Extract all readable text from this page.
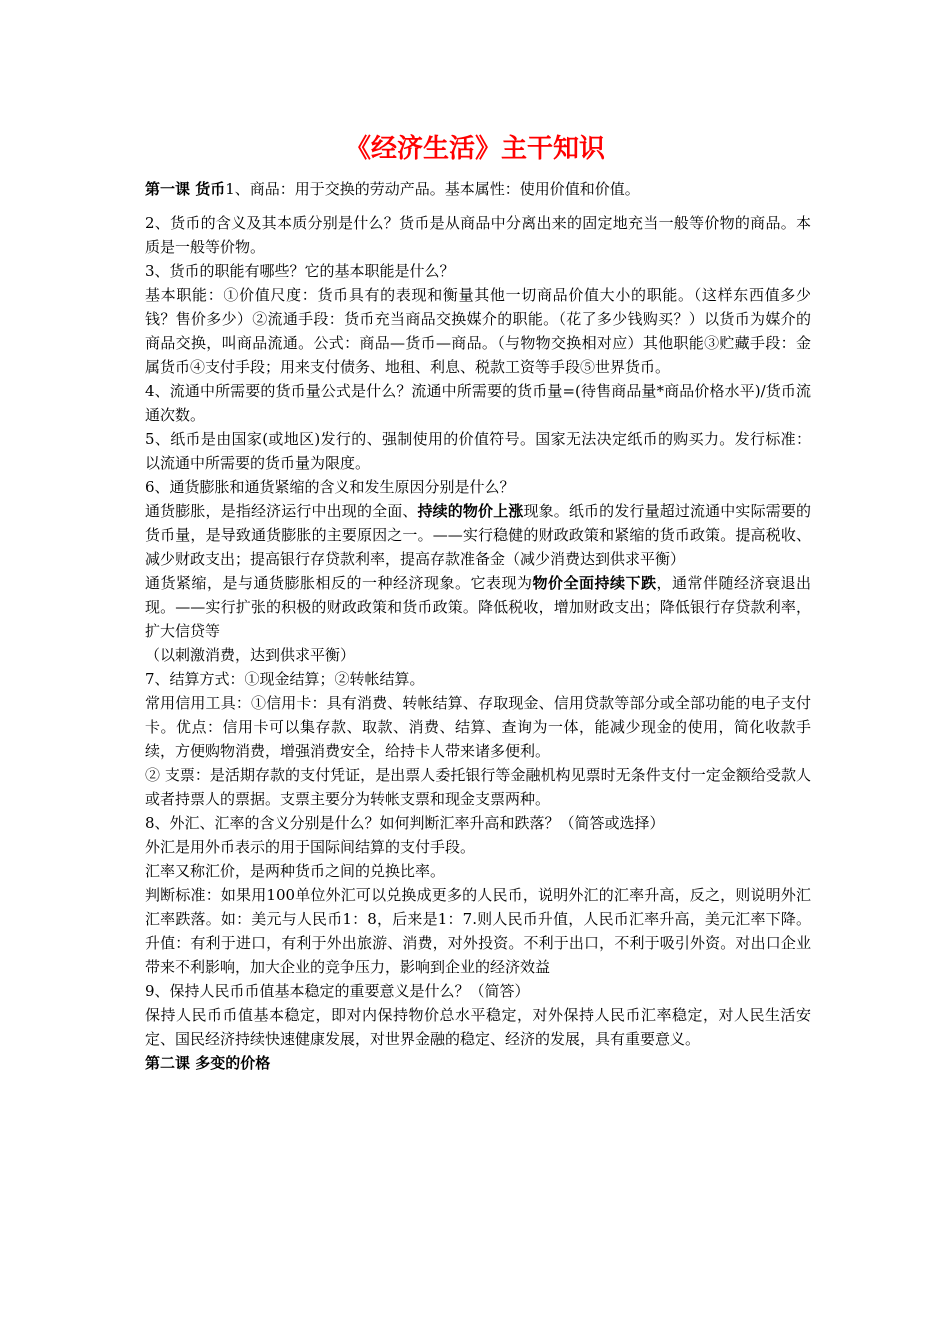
《经济生活》主干知识

第一课 货币1、商品：用于交换的劳动产品。基本属性：使用价值和价值。

2、货币的含义及其本质分别是什么？货币是从商品中分离出来的固定地充当一般等价物的商品。本质是一般等价物。

3、货币的职能有哪些？它的基本职能是什么？

基本职能：①价值尺度：货币具有的表现和衡量其他一切商品价值大小的职能。（这样东西值多少钱？售价多少）②流通手段：货币充当商品交换媒介的职能。（花了多少钱购买？）以货币为媒介的商品交换，叫商品流通。公式：商品—货币—商品。（与物物交换相对应）其他职能③贮藏手段：金属货币④支付手段；用来支付债务、地租、利息、税款工资等手段⑤世界货币。

4、流通中所需要的货币量公式是什么？流通中所需要的货币量=(待售商品量*商品价格水平)/货币流通次数。

5、纸币是由国家(或地区)发行的、强制使用的价值符号。国家无法决定纸币的购买力。发行标准：以流通中所需要的货币量为限度。

6、通货膨胀和通货紧缩的含义和发生原因分别是什么？

通货膨胀，是指经济运行中出现的全面、持续的物价上涨现象。纸币的发行量超过流通中实际需要的货币量，是导致通货膨胀的主要原因之一。——实行稳健的财政政策和紧缩的货币政策。提高税收、减少财政支出；提高银行存贷款利率，提高存款准备金（减少消费达到供求平衡）

通货紧缩，是与通货膨胀相反的一种经济现象。它表现为物价全面持续下跌，通常伴随经济衰退出现。——实行扩张的积极的财政政策和货币政策。降低税收，增加财政支出；降低银行存贷款利率，扩大信贷等

（以刺激消费，达到供求平衡）

7、结算方式：①现金结算；②转帐结算。

常用信用工具：①信用卡：具有消费、转帐结算、存取现金、信用贷款等部分或全部功能的电子支付卡。优点：信用卡可以集存款、取款、消费、结算、查询为一体，能减少现金的使用，简化收款手续，方便购物消费，增强消费安全，给持卡人带来诸多便利。

② 支票：是活期存款的支付凭证，是出票人委托银行等金融机构见票时无条件支付一定金额给受款人或者持票人的票据。支票主要分为转帐支票和现金支票两种。

8、外汇、汇率的含义分别是什么？如何判断汇率升高和跌落？（简答或选择）

外汇是用外币表示的用于国际间结算的支付手段。

汇率又称汇价，是两种货币之间的兑换比率。

判断标准：如果用100单位外汇可以兑换成更多的人民币，说明外汇的汇率升高，反之，则说明外汇汇率跌落。如：美元与人民币1：8，后来是1：7.则人民币升值，人民币汇率升高，美元汇率下降。升值：有利于进口，有利于外出旅游、消费，对外投资。不利于出口，不利于吸引外资。对出口企业带来不利影响，加大企业的竞争压力，影响到企业的经济效益

9、保持人民币币值基本稳定的重要意义是什么？（简答）

保持人民币币值基本稳定，即对内保持物价总水平稳定，对外保持人民币汇率稳定，对人民生活安定、国民经济持续快速健康发展，对世界金融的稳定、经济的发展，具有重要意义。

第二课 多变的价格
